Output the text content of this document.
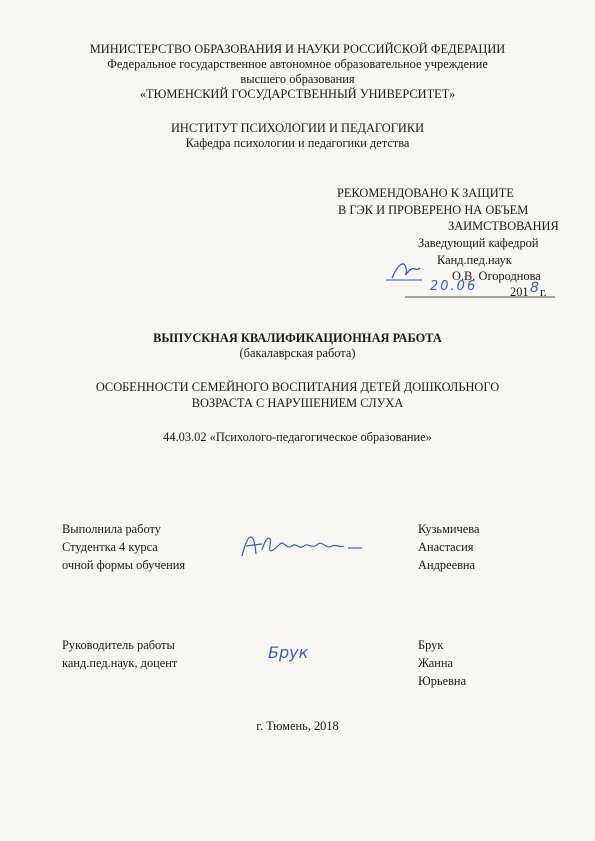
МИНИСТЕРСТВО ОБРАЗОВАНИЯ И НАУКИ РОССИЙСКОЙ ФЕДЕРАЦИИ
Федеральное государственное автономное образовательное учреждение
высшего образования
«ТЮМЕНСКИЙ ГОСУДАРСТВЕННЫЙ УНИВЕРСИТЕТ»
ИНСТИТУТ ПСИХОЛОГИИ И ПЕДАГОГИКИ
Кафедра психологии и педагогики детства
РЕКОМЕНДОВАНО К ЗАЩИТЕ
В ГЭК И ПРОВЕРЕНО НА ОБЪЕМ
ЗАИМСТВОВАНИЯ
Заведующий кафедрой
Канд.пед.наук
О.В. Огороднова
20.06	201 8 г.
ВЫПУСКНАЯ КВАЛИФИКАЦИОННАЯ РАБОТА
(бакалаврская работа)
ОСОБЕННОСТИ СЕМЕЙНОГО ВОСПИТАНИЯ ДЕТЕЙ ДОШКОЛЬНОГО
ВОЗРАСТА С НАРУШЕНИЕМ СЛУХА
44.03.02 «Психолого-педагогическое образование»
Выполнила работу
Студентка 4 курса
очной формы обучения
Кузьмичева
Анастасия
Андреевна
Руководитель работы
канд.пед.наук, доцент
Брук	Брук
Жанна
Юрьевна
г. Тюмень, 2018
